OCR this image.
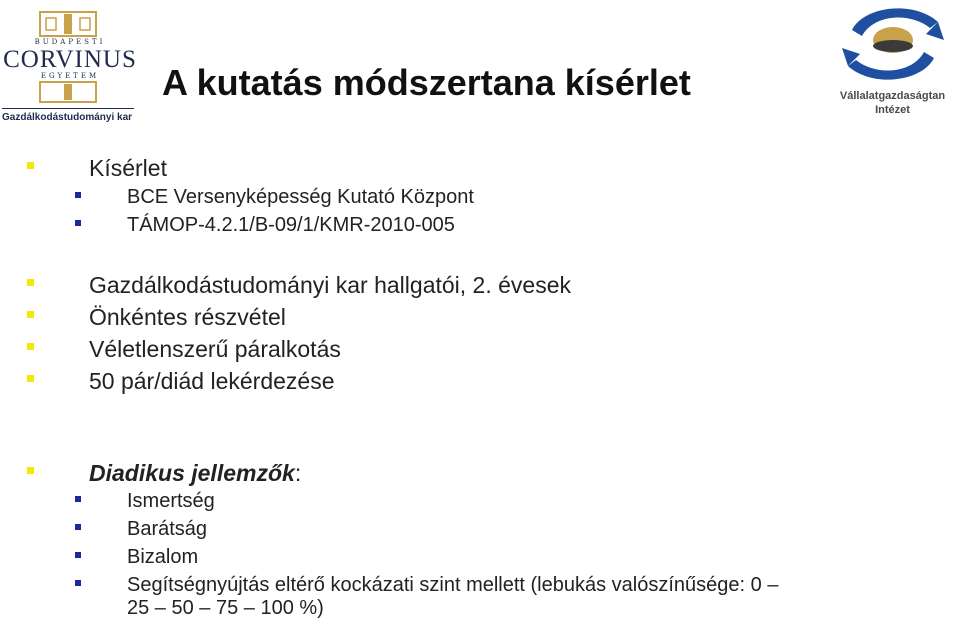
BUDAPESTI
CORVINUS
EGYETEM
Gazdálkodástudományi kar
A kutatás módszertana kísérlet	Vállalatgazdaságtan
Intézet
Kísérlet
BCE Versenyképesség Kutató Központ
TÁMOP-4.2.1/B-09/1/KMR-2010-005
Gazdálkodástudományi kar hallgatói, 2. évesek
Önkéntes részvétel
Véletlenszerű páralkotás
50 pár/diád lekérdezése
Diadikus jellemzők:
Ismertség
Barátság
Bizalom
Segítségnyújtás eltérő kockázati szint mellett (lebukás valószínűsége: 0 –
25 – 50 – 75 – 100 %)
